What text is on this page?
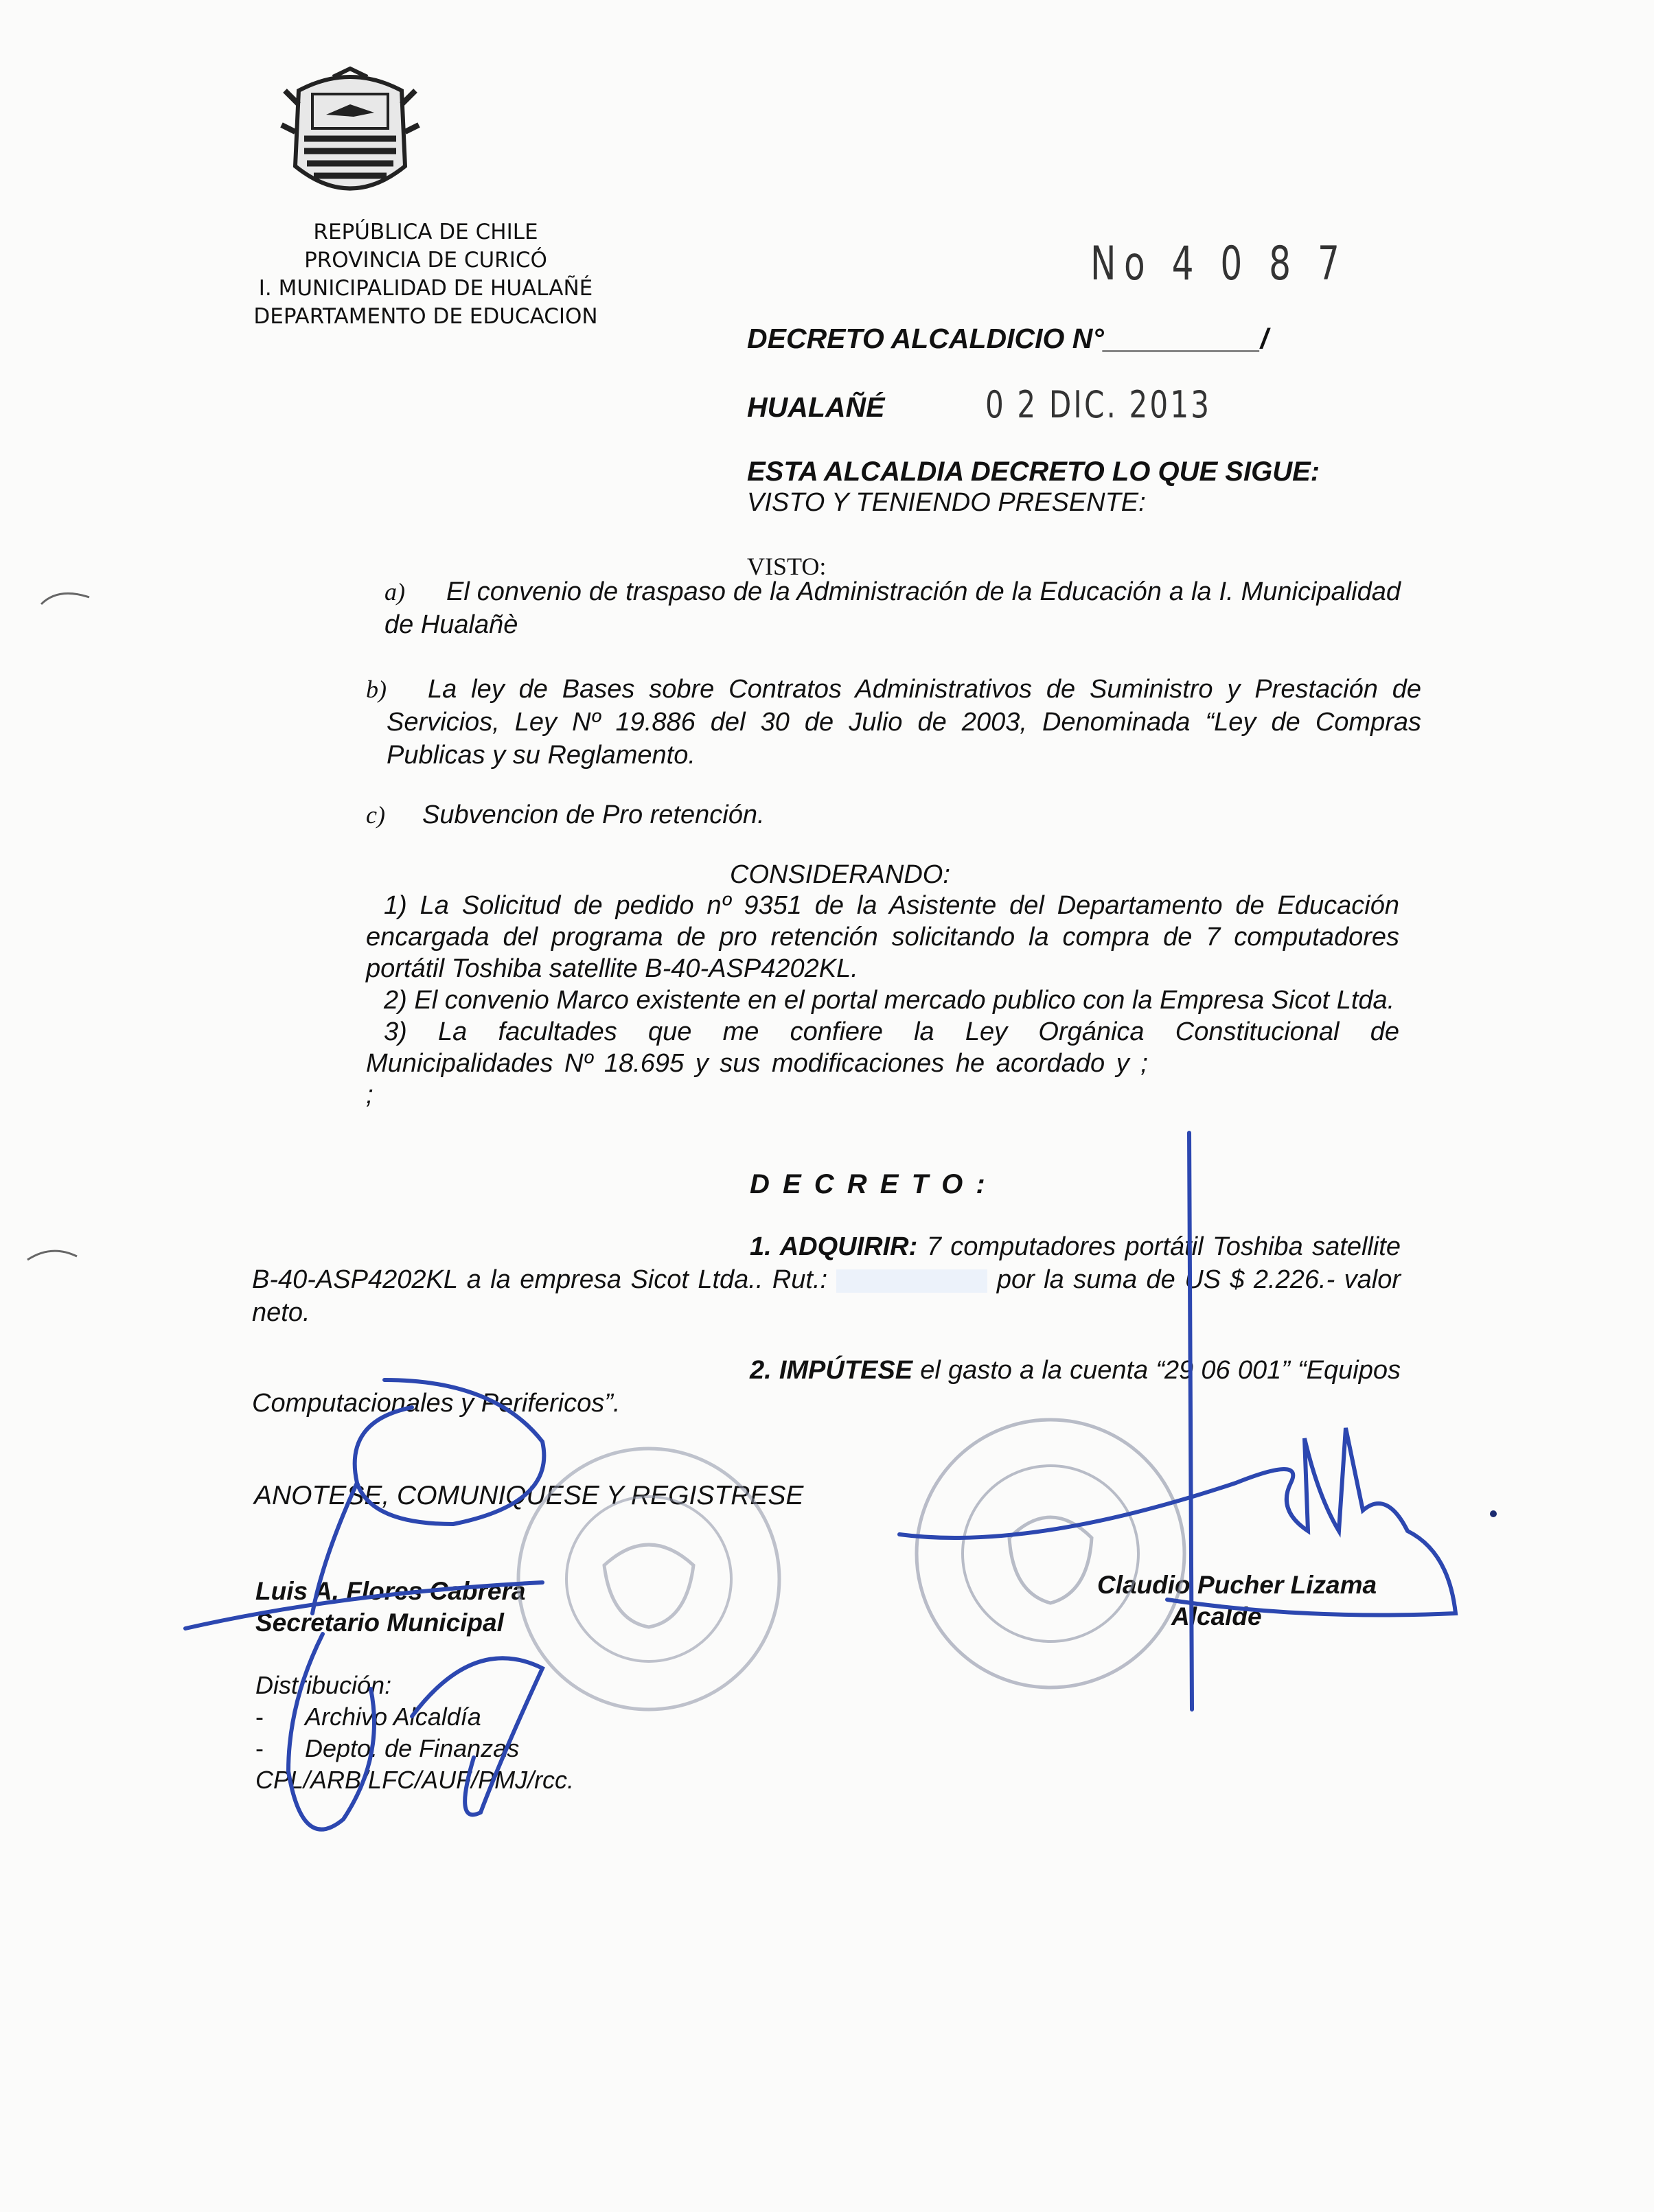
REPÚBLICA DE CHILE
PROVINCIA DE CURICÓ
I. MUNICIPALIDAD DE HUALAÑÉ
DEPARTAMENTO DE EDUCACION
No 4 0 8 7
DECRETO ALCALDICIO N°__________/
HUALAÑÉ	0 2 DIC. 2013
ESTA ALCALDIA DECRETO LO QUE SIGUE:
VISTO Y TENIENDO PRESENTE:
VISTO:
a) El convenio de traspaso de la Administración de la Educación a la I. Municipalidad de Hualañè
b) La ley de Bases sobre Contratos Administrativos de Suministro y Prestación de Servicios, Ley Nº 19.886 del 30 de Julio de 2003, Denominada “Ley de Compras Publicas y su Reglamento.
c) Subvencion de Pro retención.
CONSIDERANDO:
1) La Solicitud de pedido nº 9351 de la Asistente del Departamento de Educación encargada del programa de pro retención solicitando la compra de 7 computadores portátil Toshiba satellite B-40-ASP4202KL.
2) El convenio Marco existente en el portal mercado publico con la Empresa Sicot Ltda.
3) La facultades que me confiere la Ley Orgánica Constitucional de Municipalidades Nº 18.695 y sus modificaciones he acordado y ;
;
D E C R E T O :
1. ADQUIRIR: 7 computadores portátil Toshiba satellite B-40-ASP4202KL a la empresa Sicot Ltda.. Rut.:	por la suma de US $ 2.226.- valor neto.
2. IMPÚTESE el gasto a la cuenta “29 06 001” “Equipos Computacionales y Perifericos”.
ANOTESE, COMUNIQUESE Y REGISTRESE
Luis A. Flores Cabrera
Secretario Municipal
Claudio Pucher Lizama
Alcalde
Distribución:
- Archivo Alcaldía
- Depto. de Finanzas
CPL/ARB/LFC/AUF/PMJ/rcc.
